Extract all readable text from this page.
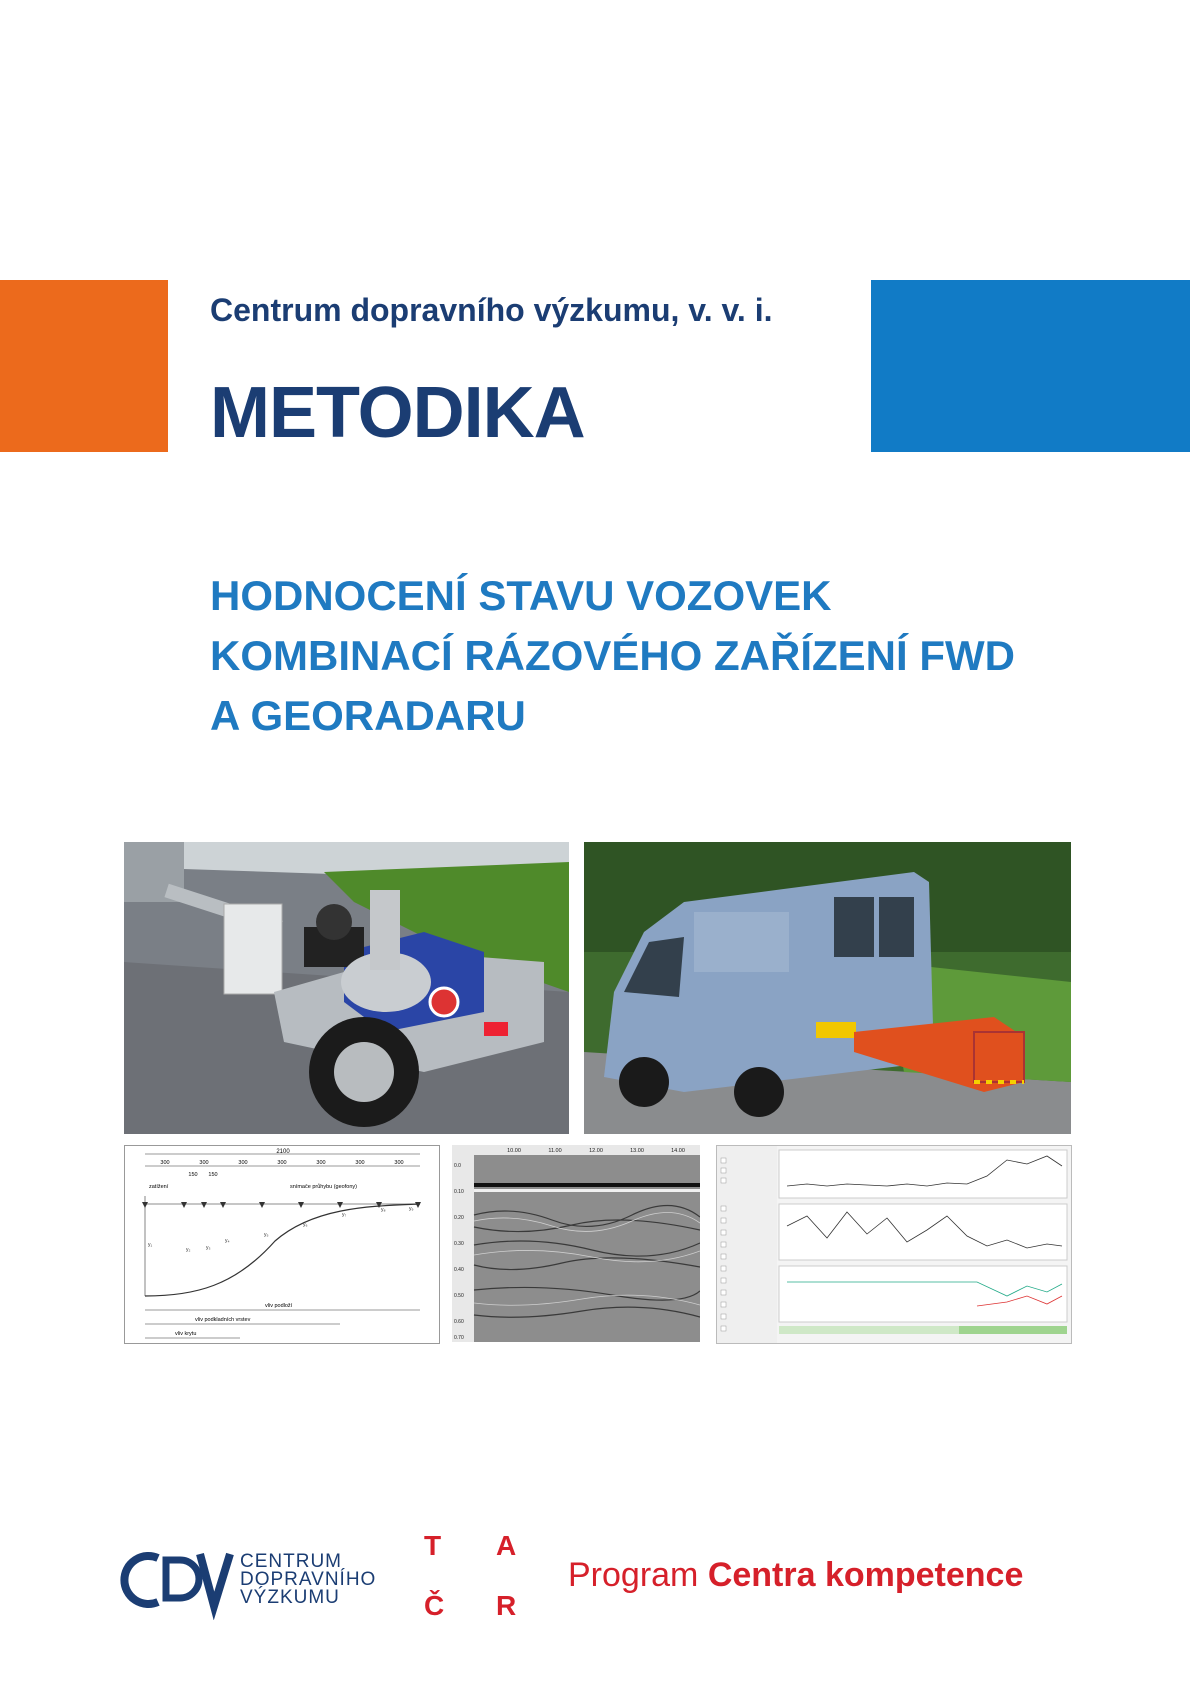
Centrum dopravního výzkumu, v. v. i.
METODIKA
HODNOCENÍ STAVU VOZOVEK
KOMBINACÍ RÁZOVÉHO ZAŘÍZENÍ FWD
A GEORADARU
2100
300	300	300	300	300	300	300
150 150
zatížení	snímače průhybu (geofony)
y₁
y₂	y₃
y₄
y₅
y₆
y₇
y₈	y₉
vliv podloží
vliv podkladních vrstev
vliv krytu
10.00	11.00	12.00	13.00	14.00
0.0
0.10
0.20
0.30
0.40
0.50
0.60
0.70
CENTRUM
DOPRAVNÍHO
VÝZKUMU
T A
Č R
Program Centra kompetence
